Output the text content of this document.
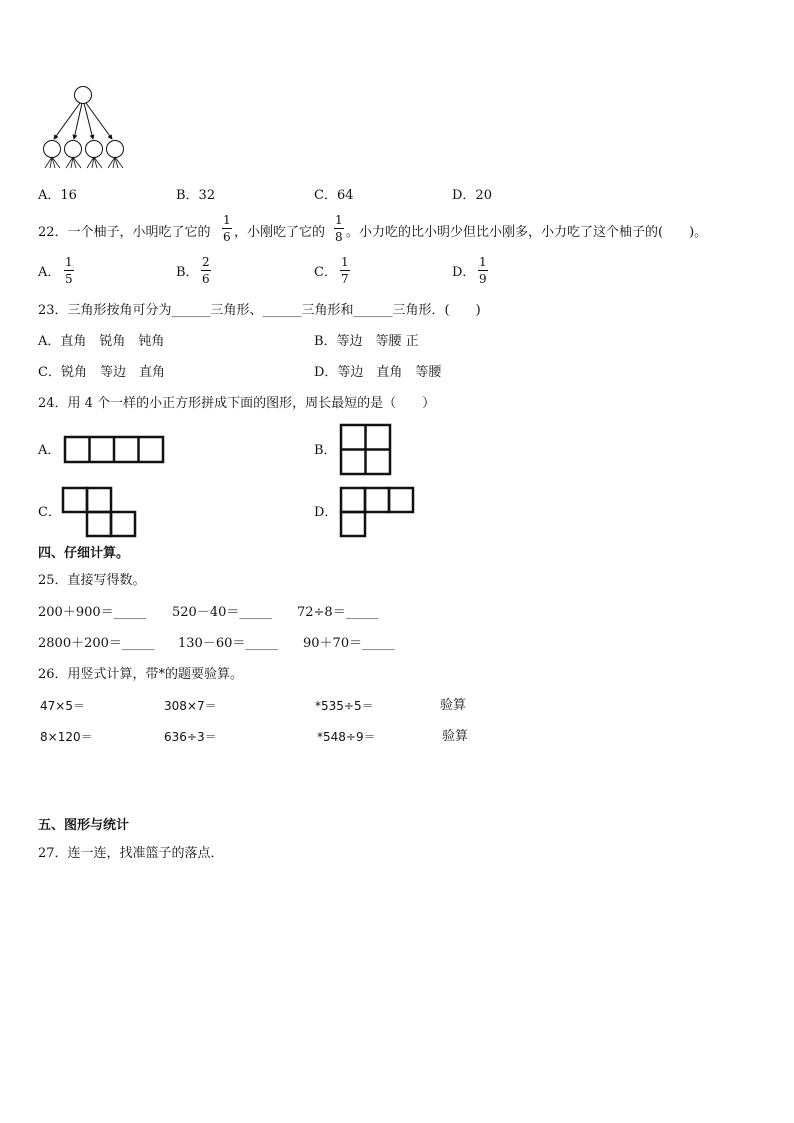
A．16	B．32	C．64	D．20
22．一个柚子，小明吃了它的 $\frac{1}{6}$ ，小刚吃了它的 $\frac{1}{8}$ 。小力吃的比小明少但比小刚多，小力吃了这个柚子的(　　)。
A． $\frac{1}{5}$	B． $\frac{2}{6}$	C． $\frac{1}{7}$	D． $\frac{1}{9}$
23．三角形按角可分为______三角形、______三角形和______三角形．(　　)
A．直角　锐角　钝角	B．等边　等腰 正
C．锐角　等边　直角	D．等边　直角　等腰
24．用 4 个一样的小正方形拼成下面的图形，周长最短的是（　　）
A．	B．
C．	D．
四、仔细计算。
25．直接写得数。
200＋900＝_____ 520－40＝_____ 72÷8＝_____
2800＋200＝_____ 130－60＝_____ 90＋70＝_____
26．用竖式计算，带*的题要验算。
47×5＝	308×7＝	*535÷5＝	验算
8×120＝	636÷3＝	*548÷9＝	验算
五、图形与统计
27．连一连，找准篮子的落点．
